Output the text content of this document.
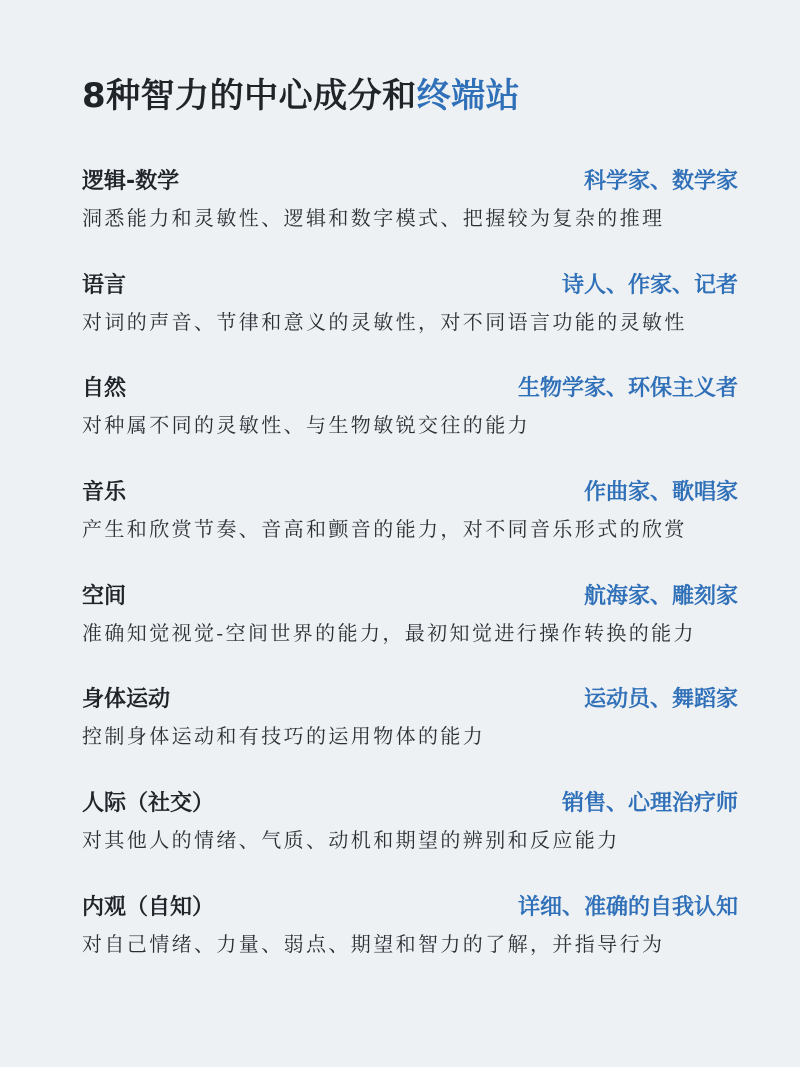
8种智力的中心成分和终端站
逻辑-数学	科学家、数学家
洞悉能力和灵敏性、逻辑和数字模式、把握较为复杂的推理
语言	诗人、作家、记者
对词的声音、节律和意义的灵敏性，对不同语言功能的灵敏性
自然	生物学家、环保主义者
对种属不同的灵敏性、与生物敏锐交往的能力
音乐	作曲家、歌唱家
产生和欣赏节奏、音高和颤音的能力，对不同音乐形式的欣赏
空间	航海家、雕刻家
准确知觉视觉-空间世界的能力，最初知觉进行操作转换的能力
身体运动	运动员、舞蹈家
控制身体运动和有技巧的运用物体的能力
人际（社交）	销售、心理治疗师
对其他人的情绪、气质、动机和期望的辨别和反应能力
内观（自知）	详细、准确的自我认知
对自己情绪、力量、弱点、期望和智力的了解，并指导行为
